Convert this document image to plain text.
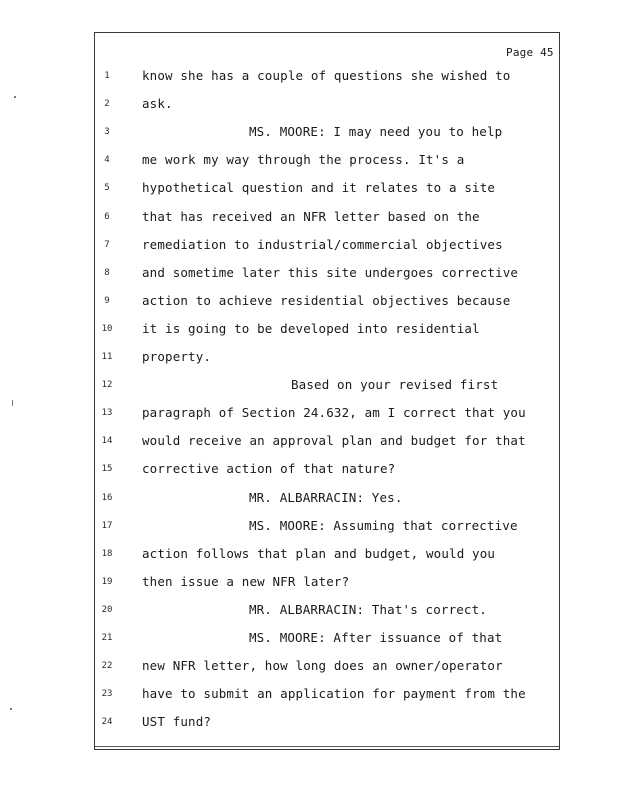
Page 45
1	know she has a couple of questions she wished to
2	ask.
3	MS. MOORE: I may need you to help
4	me work my way through the process. It's a
5	hypothetical question and it relates to a site
6	that has received an NFR letter based on the
7	remediation to industrial/commercial objectives
8	and sometime later this site undergoes corrective
9	action to achieve residential objectives because
10	it is going to be developed into residential
11	property.
12	Based on your revised first
13	paragraph of Section 24.632, am I correct that you
14	would receive an approval plan and budget for that
15	corrective action of that nature?
16	MR. ALBARRACIN: Yes.
17	MS. MOORE: Assuming that corrective
18	action follows that plan and budget, would you
19	then issue a new NFR later?
20	MR. ALBARRACIN: That's correct.
21	MS. MOORE: After issuance of that
22	new NFR letter, how long does an owner/operator
23	have to submit an application for payment from the
24	UST fund?
